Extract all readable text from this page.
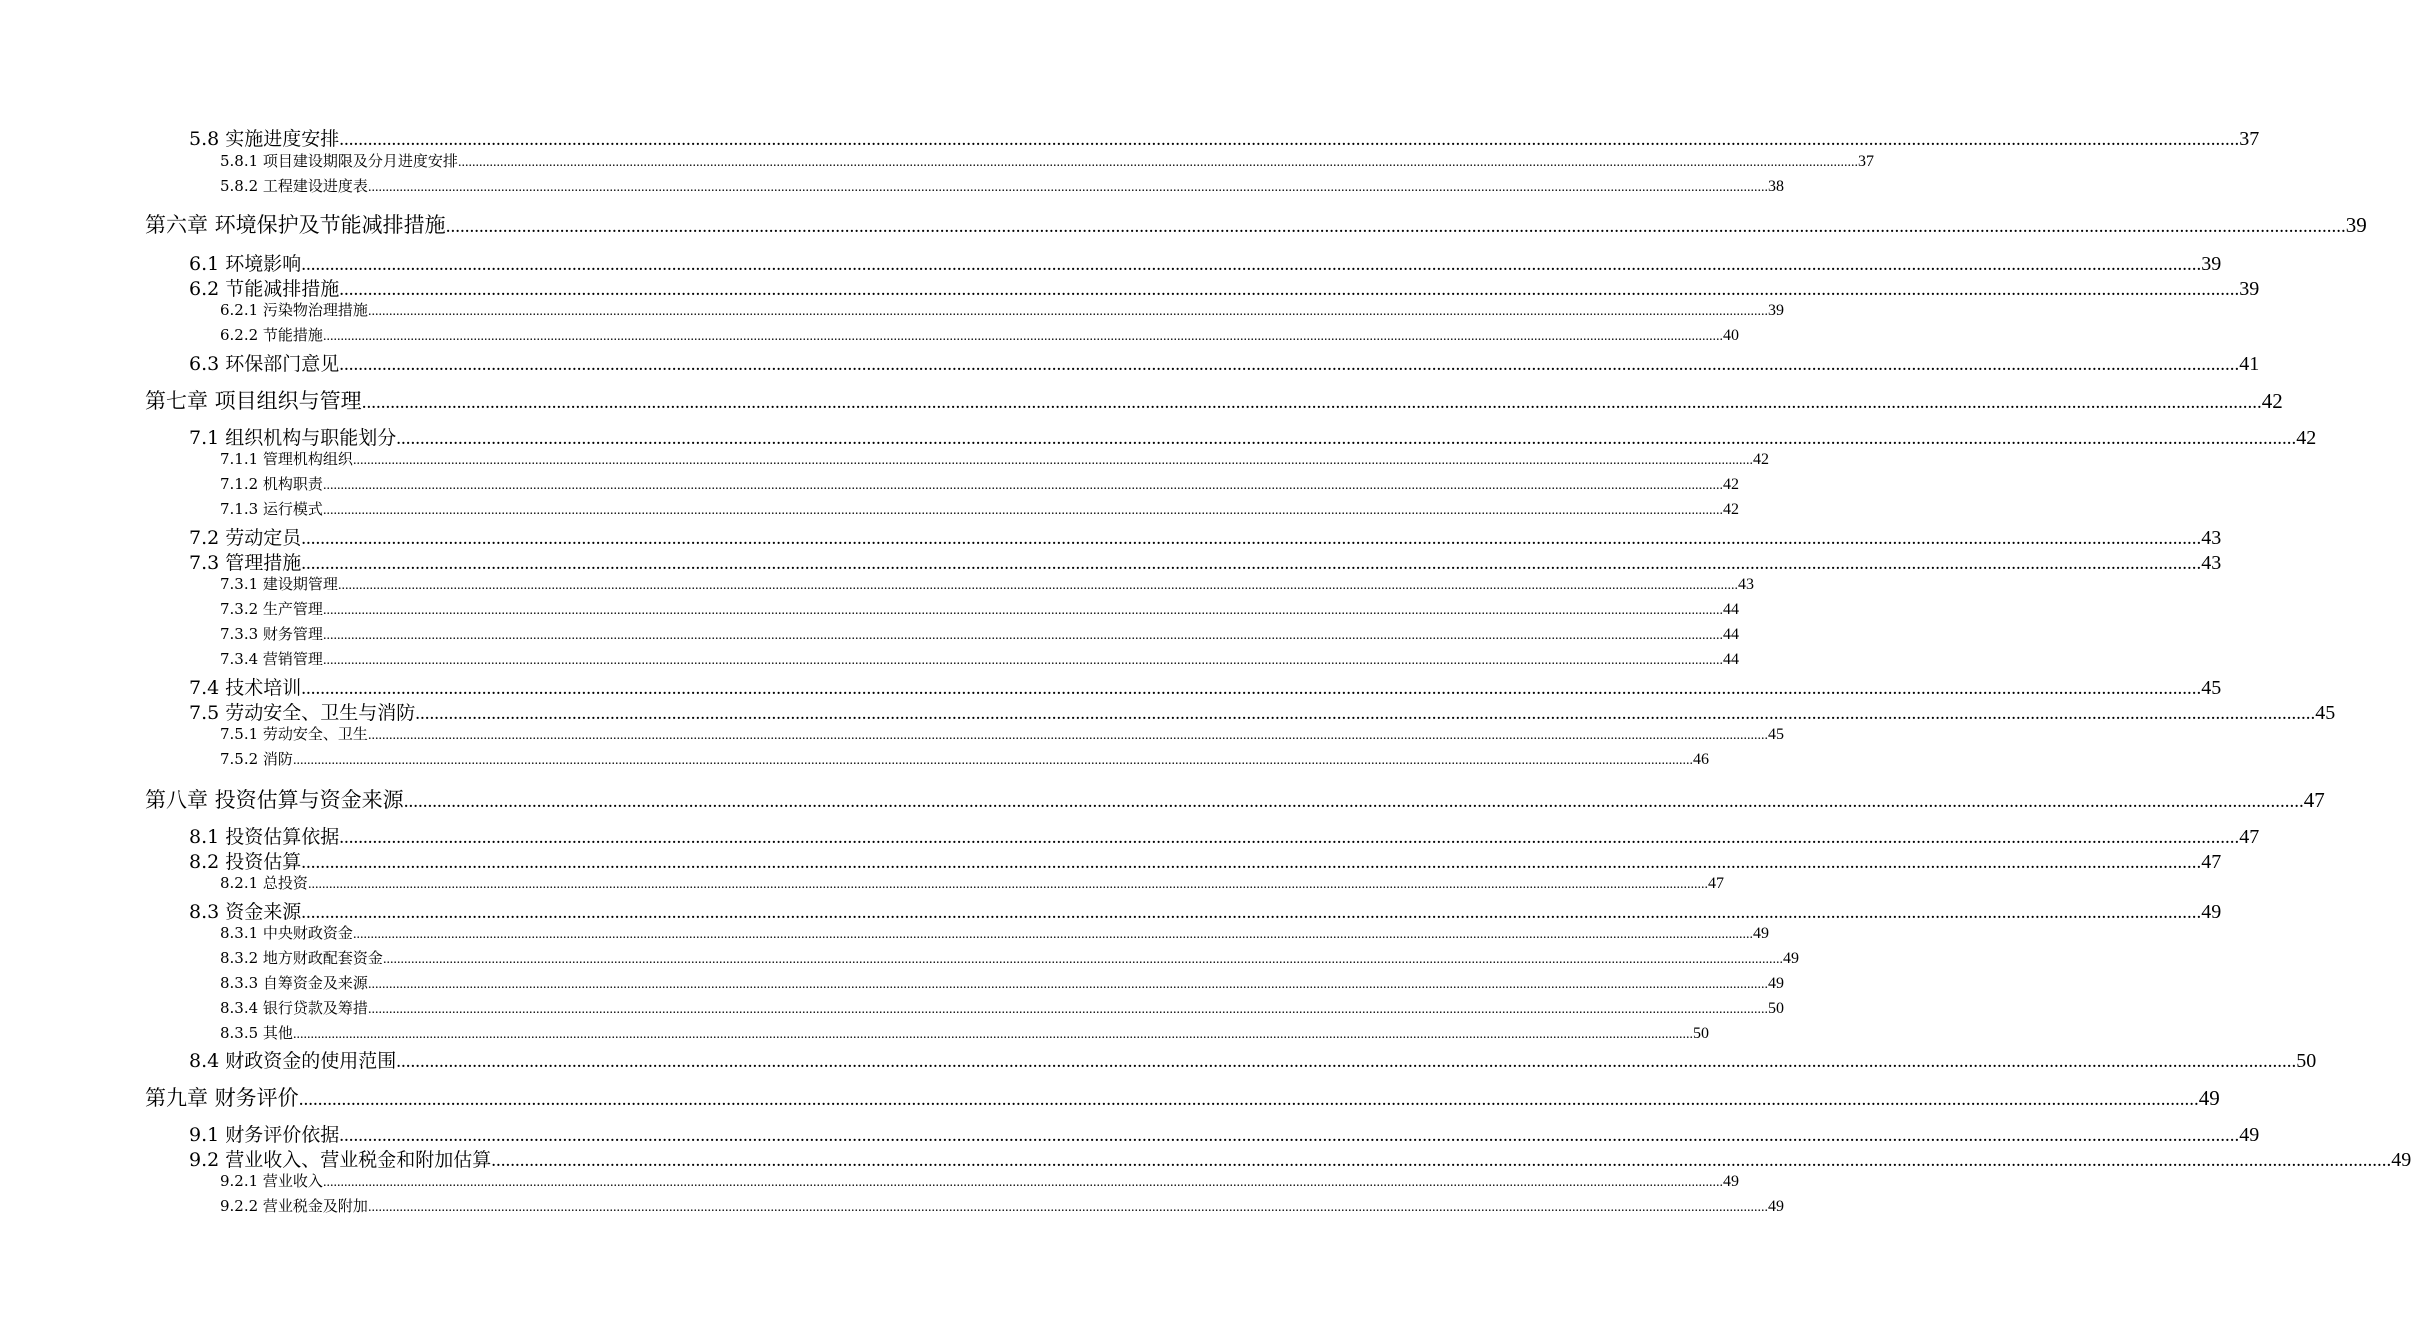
5.8 实施进度安排 ................................................................................................................................................................................................................................................................................................................................................................................................................ 37
5.8.1 项目建设期限及分月进度安排 ................................................................................................................................................................................................................................................................................................................................................................................................................ 37
5.8.2 工程建设进度表 ................................................................................................................................................................................................................................................................................................................................................................................................................ 38
第六章 环境保护及节能减排措施 ................................................................................................................................................................................................................................................................................................................................................................................................................ 39
6.1 环境影响 ................................................................................................................................................................................................................................................................................................................................................................................................................ 39
6.2 节能减排措施 ................................................................................................................................................................................................................................................................................................................................................................................................................ 39
6.2.1 污染物治理措施 ................................................................................................................................................................................................................................................................................................................................................................................................................ 39
6.2.2 节能措施 ................................................................................................................................................................................................................................................................................................................................................................................................................ 40
6.3 环保部门意见 ................................................................................................................................................................................................................................................................................................................................................................................................................ 41
第七章 项目组织与管理 ................................................................................................................................................................................................................................................................................................................................................................................................................ 42
7.1 组织机构与职能划分 ................................................................................................................................................................................................................................................................................................................................................................................................................ 42
7.1.1 管理机构组织 ................................................................................................................................................................................................................................................................................................................................................................................................................ 42
7.1.2 机构职责 ................................................................................................................................................................................................................................................................................................................................................................................................................ 42
7.1.3 运行模式 ................................................................................................................................................................................................................................................................................................................................................................................................................ 42
7.2 劳动定员 ................................................................................................................................................................................................................................................................................................................................................................................................................ 43
7.3 管理措施 ................................................................................................................................................................................................................................................................................................................................................................................................................ 43
7.3.1 建设期管理 ................................................................................................................................................................................................................................................................................................................................................................................................................ 43
7.3.2 生产管理 ................................................................................................................................................................................................................................................................................................................................................................................................................ 44
7.3.3 财务管理 ................................................................................................................................................................................................................................................................................................................................................................................................................ 44
7.3.4 营销管理 ................................................................................................................................................................................................................................................................................................................................................................................................................ 44
7.4 技术培训 ................................................................................................................................................................................................................................................................................................................................................................................................................ 45
7.5 劳动安全、卫生与消防 ................................................................................................................................................................................................................................................................................................................................................................................................................ 45
7.5.1 劳动安全、卫生 ................................................................................................................................................................................................................................................................................................................................................................................................................ 45
7.5.2 消防 ................................................................................................................................................................................................................................................................................................................................................................................................................ 46
第八章 投资估算与资金来源 ................................................................................................................................................................................................................................................................................................................................................................................................................ 47
8.1 投资估算依据 ................................................................................................................................................................................................................................................................................................................................................................................................................ 47
8.2 投资估算 ................................................................................................................................................................................................................................................................................................................................................................................................................ 47
8.2.1 总投资 ................................................................................................................................................................................................................................................................................................................................................................................................................ 47
8.3 资金来源 ................................................................................................................................................................................................................................................................................................................................................................................................................ 49
8.3.1 中央财政资金 ................................................................................................................................................................................................................................................................................................................................................................................................................ 49
8.3.2 地方财政配套资金 ................................................................................................................................................................................................................................................................................................................................................................................................................ 49
8.3.3 自筹资金及来源 ................................................................................................................................................................................................................................................................................................................................................................................................................ 49
8.3.4 银行贷款及筹措 ................................................................................................................................................................................................................................................................................................................................................................................................................ 50
8.3.5 其他 ................................................................................................................................................................................................................................................................................................................................................................................................................ 50
8.4 财政资金的使用范围 ................................................................................................................................................................................................................................................................................................................................................................................................................ 50
第九章 财务评价 ................................................................................................................................................................................................................................................................................................................................................................................................................ 49
9.1 财务评价依据 ................................................................................................................................................................................................................................................................................................................................................................................................................ 49
9.2 营业收入、营业税金和附加估算 ................................................................................................................................................................................................................................................................................................................................................................................................................ 49
9.2.1 营业收入 ................................................................................................................................................................................................................................................................................................................................................................................................................ 49
9.2.2 营业税金及附加 ................................................................................................................................................................................................................................................................................................................................................................................................................ 49
